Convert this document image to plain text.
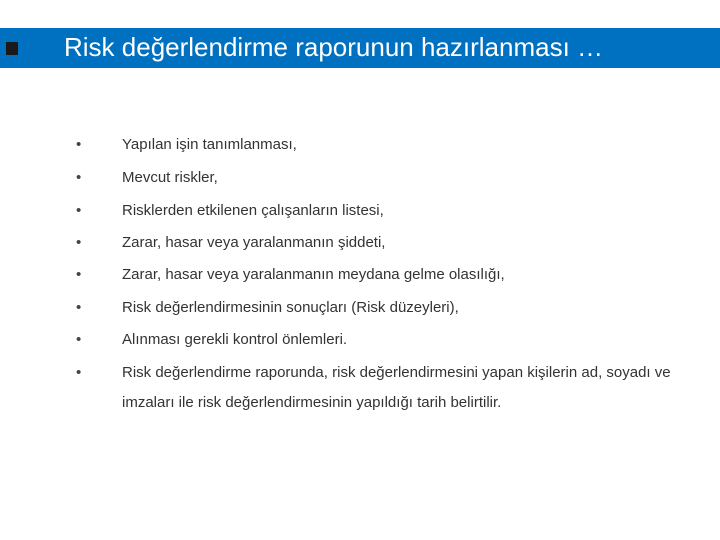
Risk değerlendirme raporunun hazırlanması …
•	Yapılan işin tanımlanması,
•	Mevcut riskler,
•	Risklerden etkilenen çalışanların listesi,
•	Zarar, hasar veya yaralanmanın şiddeti,
•	Zarar, hasar veya yaralanmanın meydana gelme olasılığı,
•	Risk değerlendirmesinin sonuçları (Risk düzeyleri),
•	Alınması gerekli kontrol önlemleri.
•	Risk değerlendirme raporunda, risk değerlendirmesini yapan kişilerin ad, soyadı ve imzaları ile risk değerlendirmesinin yapıldığı tarih belirtilir.
